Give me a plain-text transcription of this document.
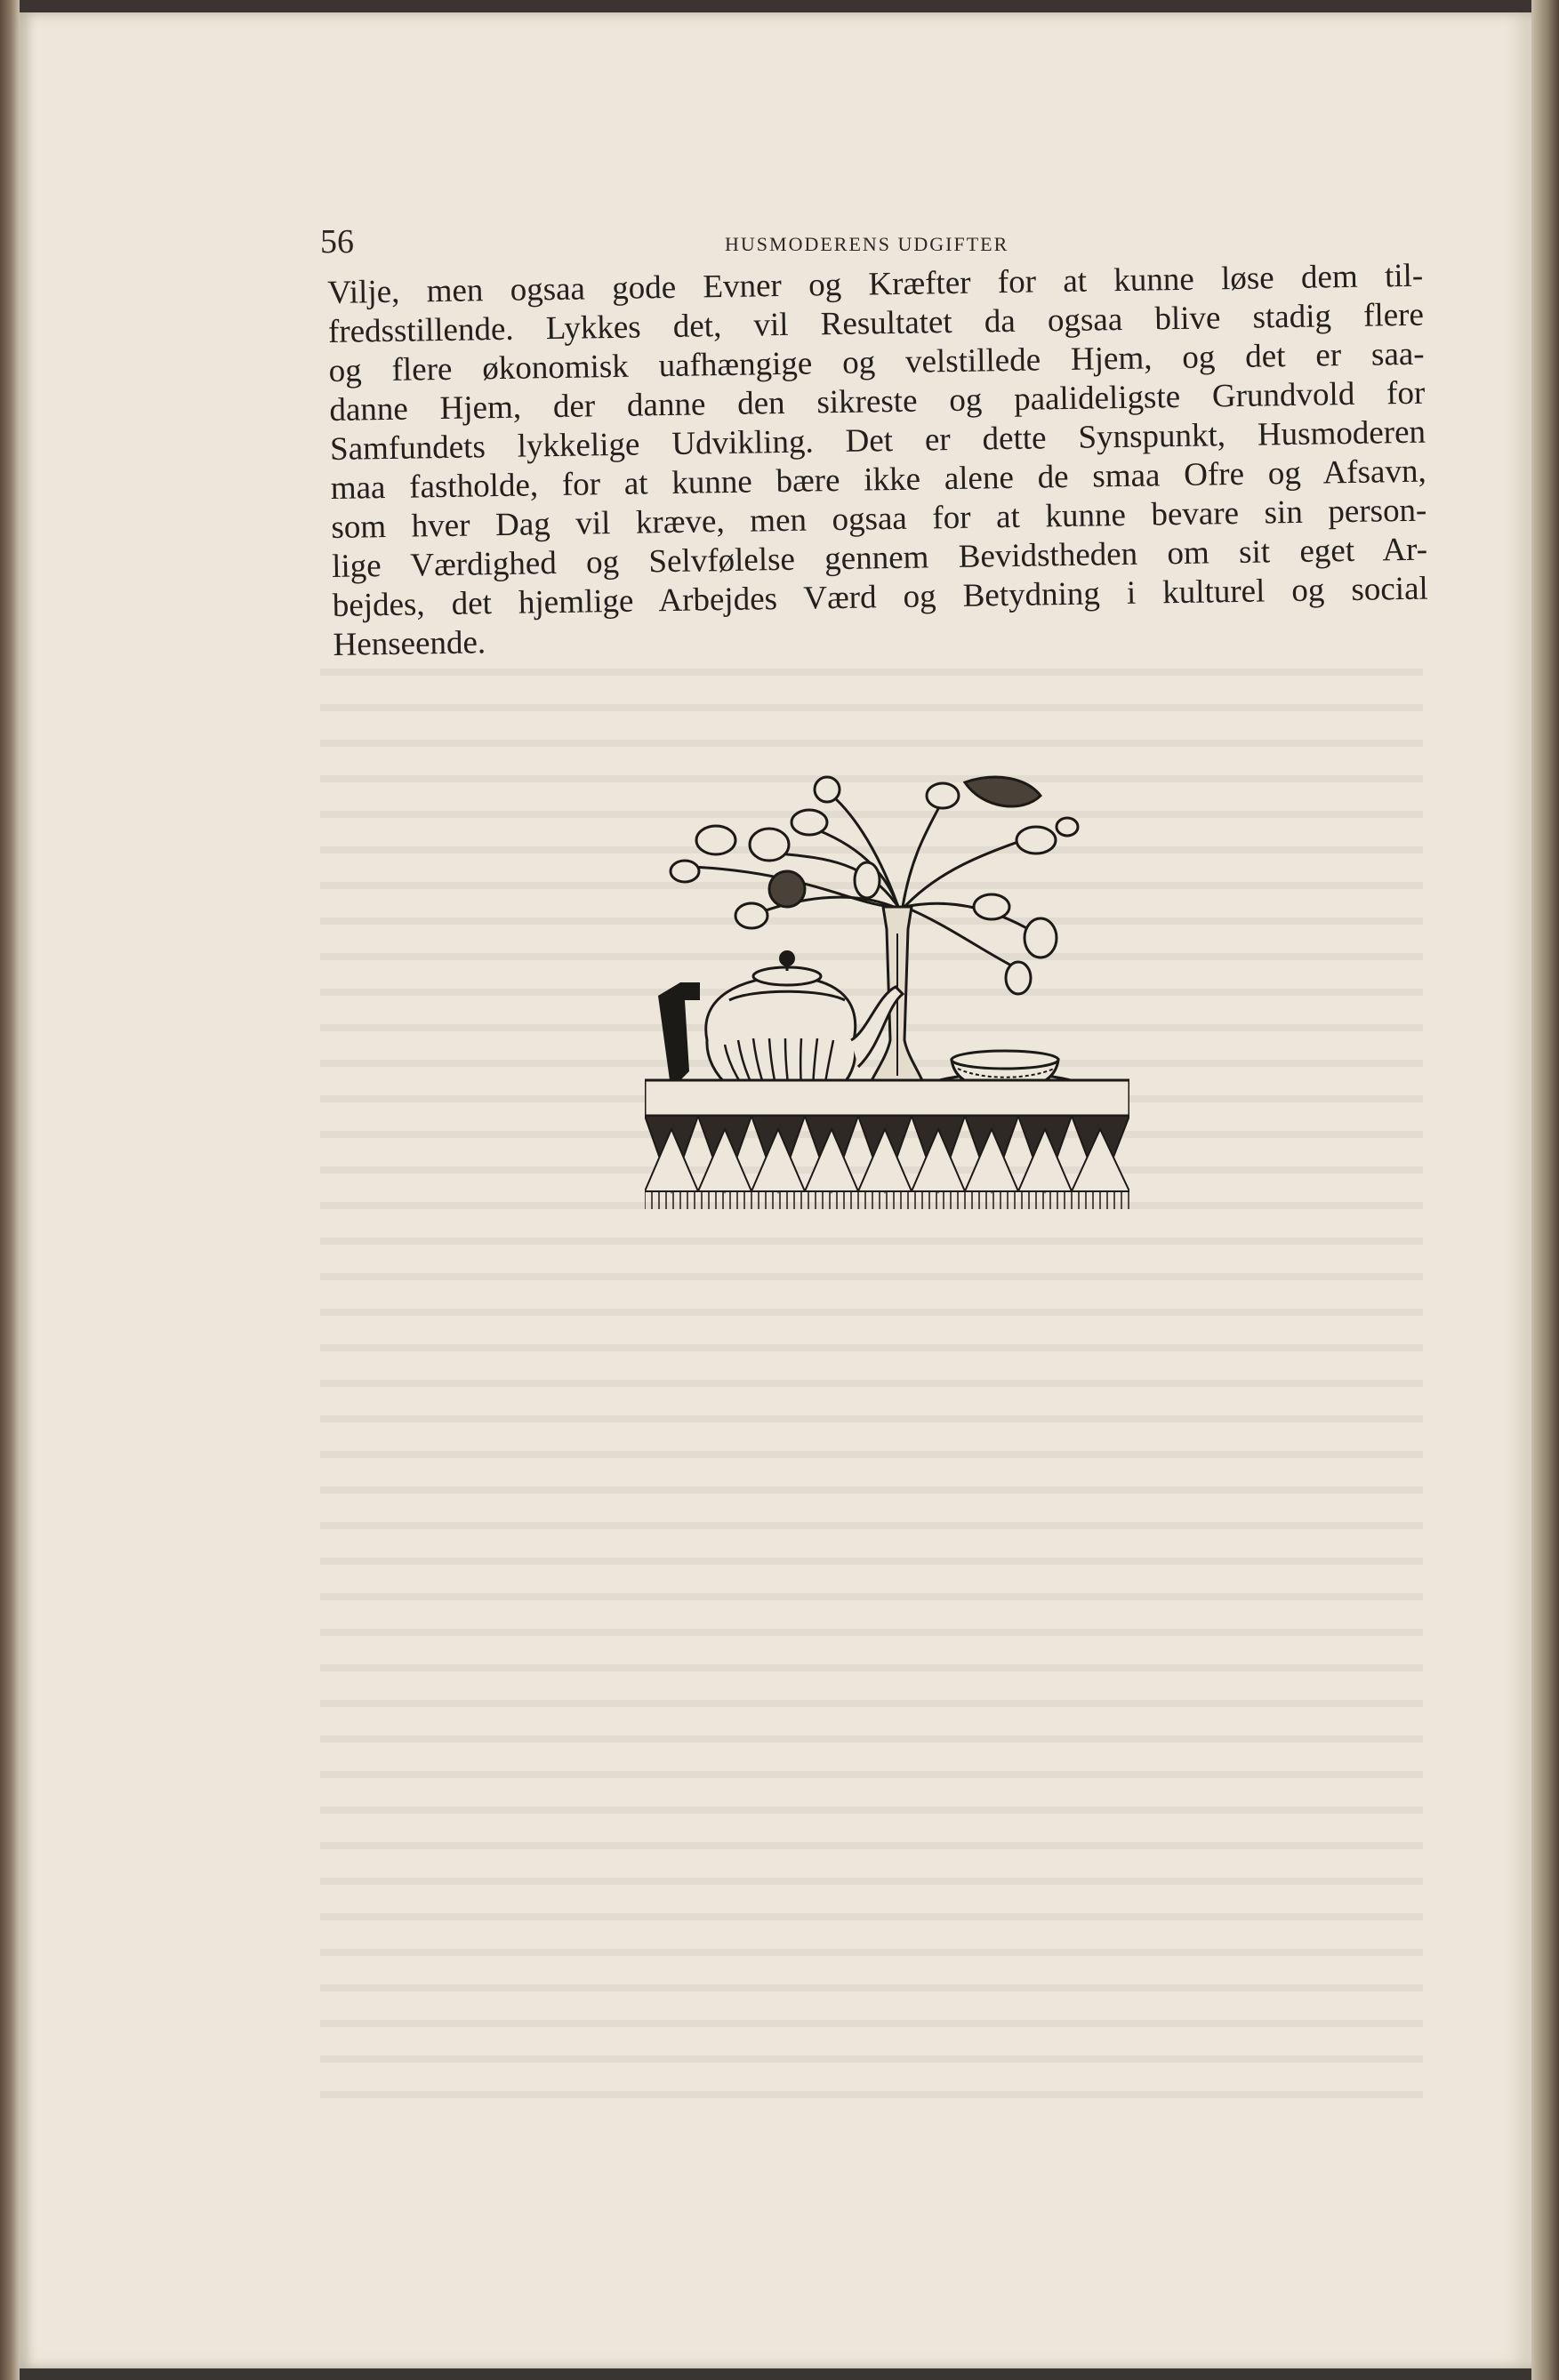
56	HUSMODERENS UDGIFTER
Vilje, men ogsaa gode Evner og Kræfter for at kunne løse dem til-
fredsstillende. Lykkes det, vil Resultatet da ogsaa blive stadig flere
og flere økonomisk uafhængige og velstillede Hjem, og det er saa-
danne Hjem, der danne den sikreste og paalideligste Grundvold for
Samfundets lykkelige Udvikling. Det er dette Synspunkt, Husmoderen
maa fastholde, for at kunne bære ikke alene de smaa Ofre og Afsavn,
som hver Dag vil kræve, men ogsaa for at kunne bevare sin person-
lige Værdighed og Selvfølelse gennem Bevidstheden om sit eget Ar-
bejdes, det hjemlige Arbejdes Værd og Betydning i kulturel og social
Henseende.
